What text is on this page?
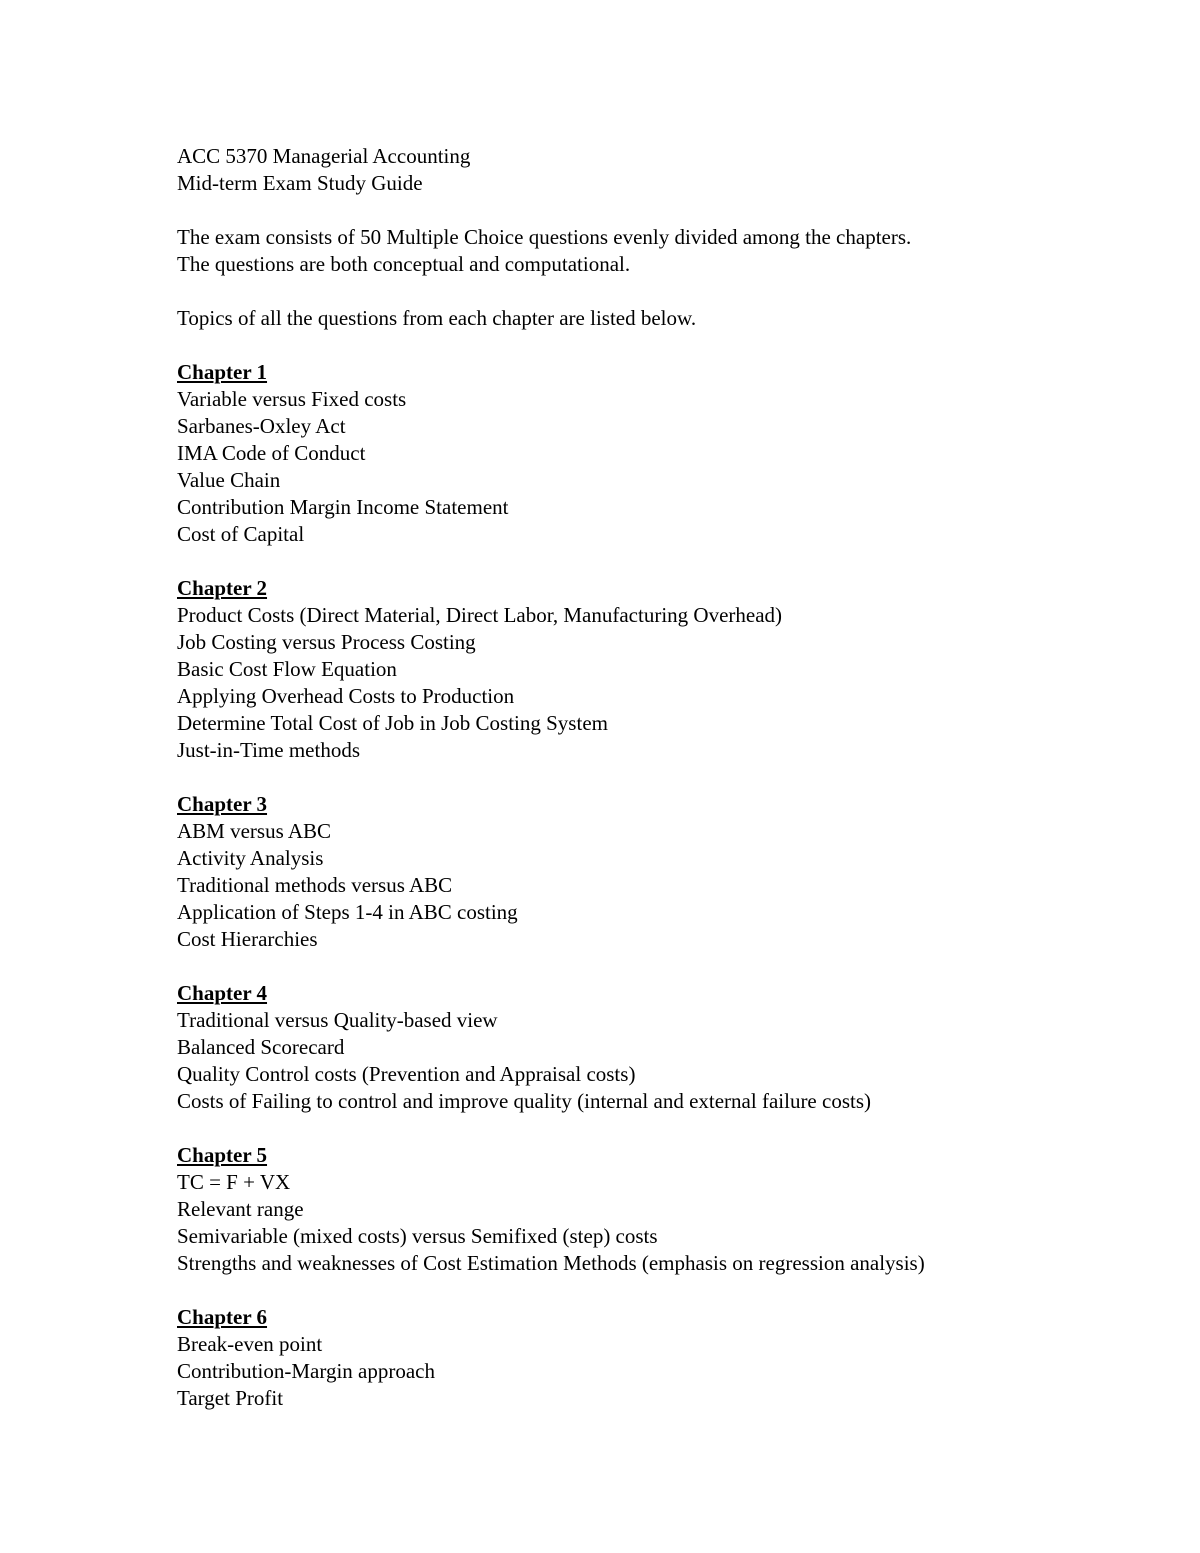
ACC 5370 Managerial Accounting
Mid-term Exam Study Guide
The exam consists of 50 Multiple Choice questions evenly divided among the chapters.
The questions are both conceptual and computational.
Topics of all the questions from each chapter are listed below.
Chapter 1
Variable versus Fixed costs
Sarbanes-Oxley Act
IMA Code of Conduct
Value Chain
Contribution Margin Income Statement
Cost of Capital
Chapter 2
Product Costs (Direct Material, Direct Labor, Manufacturing Overhead)
Job Costing versus Process Costing
Basic Cost Flow Equation
Applying Overhead Costs to Production
Determine Total Cost of Job in Job Costing System
Just-in-Time methods
Chapter 3
ABM versus ABC
Activity Analysis
Traditional methods versus ABC
Application of Steps 1-4 in ABC costing
Cost Hierarchies
Chapter 4
Traditional versus Quality-based view
Balanced Scorecard
Quality Control costs (Prevention and Appraisal costs)
Costs of Failing to control and improve quality (internal and external failure costs)
Chapter 5
TC = F + VX
Relevant range
Semivariable (mixed costs) versus Semifixed (step) costs
Strengths and weaknesses of Cost Estimation Methods (emphasis on regression analysis)
Chapter 6
Break-even point
Contribution-Margin approach
Target Profit
